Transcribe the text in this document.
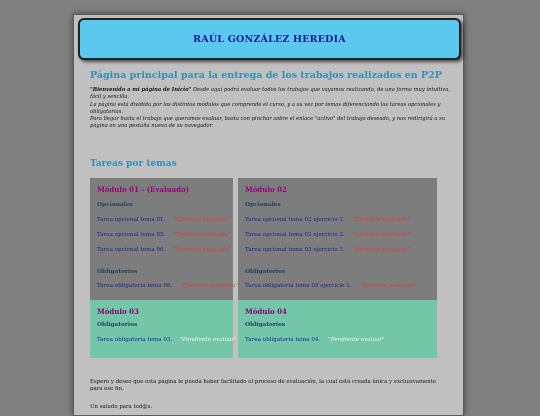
RAÚL GONZÁLEZ HEREDIA
Página principal para la entrega de los trabajos realizados en P2P

"Bienvenido a mi página de Inicio" Desde aquí podrá evaluar todos los trabajos que vayamos realizando, de una forma muy intuitiva, fácil y sencilla.

La página está dividida por los distintos módulos que comprende el curso, y a su vez por temas diferenciando las tareas opcionales y obligatorias.

Para llegar hasta el trabajo que queramos evaluar, basta con pinchar sobre el enlace "activo" del trabajo deseado, y nos redirigirá a su página en una pestaña nueva de su navegador.

Tareas por temas
Módulo 01 - (Evaluado)
Opcionales
Tarea opcional tema 01. "Ejercicio evaluado"
Tarea opcional tema 05. "Ejercicio evaluado"
Tarea opcional tema 06. "Ejercicio evaluado"
Obligatorios
Tarea obligatoria tema 06. "Ejercicio evaluado"
Módulo 02
Opcionales
Tarea opcional tema 02 ejercicio 1. "Ejercicio evaluado"
Tarea opcional tema 02 ejercicio 2. "Ejercicio evaluado"
Tarea opcional tema 03 ejercicio 1. "Ejercicio evaluado"
Obligatorios
Tarea obligatoria tema 05 ejercicio 1. "Ejercicio evaluado"
Módulo 03
Obligatorios
Tarea obligatoria tema 03. "Pendiente evaluar"
Módulo 04
Obligatorios
Tarea obligatoria tema 04. "Pendiente evaluar"

Espero y deseo que esta página le pueda haber facilitado el proceso de evaluación, la cual está creada única y exclusivamente para ese fin.

Un saludo para tod@s.
